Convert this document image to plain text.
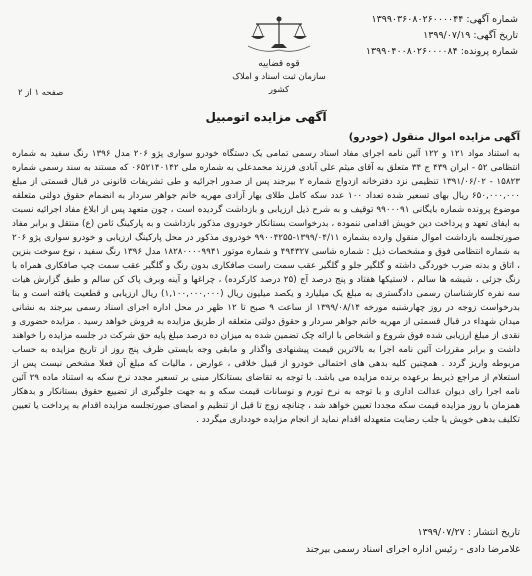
شماره آگهی: ۱۳۹۹۰۳۶۰۸۰۲۶۰۰۰۰۴۴
تاریخ آگهی: ۱۳۹۹/۰۷/۱۹
شماره پرونده: ۱۳۹۹۰۴۰۰۸۰۲۶۰۰۰۰۸۴
قوه قضاییه
سازمان ثبت اسناد و املاک کشور
صفحه ۱ از ۲
آگهی مزایده اتومبیل
آگهی مزایده اموال منقول (خودرو)
به استناد مواد ۱۲۱ و ۱۲۲ آئین نامه اجرای مفاد اسناد رسمی تمامی یک دستگاه خودرو سواری پژو ۲۰۶ مدل ۱۳۹۶ رنگ سفید به شماره انتظامی ۵۲ - ایران ۴۳۹ ج ۳۴ متعلق به آقای میثم علی آبادی فرزند محمدعلی به شماره ملی ۰۶۵۲۱۴۰۱۴۲ که مستند به سند رسمی شماره ۱۵۸۲۳ - ۱۳۹۱/۰۶/۰۲ تنظیمی نزد دفترخانه ازدواج شماره ۲ بیرجند پس از صدور اجرائیه و طی تشریفات قانونی در قبال قسمتی از مبلغ ۶۵۰,۰۰۰,۰۰۰ ریال بهای تسعیر شده تعداد ۱۰۰ عدد سکه کامل طلای بهار آزادی مهریه خانم جواهر سردار به انضمام حقوق دولتی متعلقه موضوع پرونده شماره بایگانی ۹۹۰۰۰۹۱ توقیف و به شرح ذیل ارزیابی و بازداشت گردیده است ، چون متعهد پس از ابلاغ مفاد اجرائیه نسبت به ایفای تعهد و پرداخت دین خویش اقدامی ننموده ، بدرخواست بستانکار خودروی مذکور بازداشت و به پارکینگ ثامن (ع) منتقل و برابر مفاد صورتجلسه بازداشت اموال منقول وارده بشماره ۱۳۹۹/۰۴/۱۱-۹۹۰۰۴۲۵۵ خودروی مذکور در محل پارکینگ ارزیابی و خودرو سواری پژو ۲۰۶ به شماره انتظامی فوق و مشخصات ذیل : شماره شاسی ۴۹۴۳۲۷ و شماره موتور ۱۸۲۸۰۰۰۰۹۹۴۱ مدل ۱۳۹۶ رنگ سفید ، نوع سوخت بنزین ، اتاق و بدنه ضرب خوردگی داشته و گلگیر جلو و گلگیر عقب سمت راست صافکاری بدون رنگ و گلگیر عقب سمت چپ صافکاری همراه با رنگ جزئی ، شیشه ها سالم ، لاستیکها هفتاد و پنج درصد آج (۲۵ درصد کارکرده) ، چراغها و آینه وبرف پاک کن سالم و طبق گزارش هیات سه نفره کارشناسان رسمی دادگستری به مبلغ یک میلیارد و یکصد میلیون ریال (۱,۱۰۰,۰۰۰,۰۰۰) ریال ارزیابی و قطعیت یافته است و بنا بدرخواست زوجه در روز چهارشنبه مورخه ۱۳۹۹/۰۸/۱۴ از ساعت ۹ صبح تا ۱۲ ظهر در محل اداره اجرای اسناد رسمی بیرجند به نشانی میدان شهداء در قبال قسمتی از مهریه خانم جواهر سردار و حقوق دولتی متعلقه از طریق مزایده به فروش خواهد رسید . مزایده حضوری و نقدی از مبلغ ارزیابی شده فوق شروع و اشخاص با ارائه چک تضمین شده به میزان ده درصد مبلغ پایه حق شرکت در جلسه مزایده را خواهند داشت و برابر مقررات آئین نامه اجرا به بالاترین قیمت پیشنهادی واگذار و مابقی وجه بایستی ظرف پنج روز از تاریخ مزایده به حساب مربوطه واریز گردد . همچنین کلیه بدهی های احتمالی خودرو از قبیل خلافی ، عوارض ، مالیات که مبلغ آن فعلا مشخص نیست پس از استعلام از مراجع ذیربط برعهده برنده مزایده می باشد. با توجه به تقاضای بستانکار مبنی بر تسعیر مجدد نرخ سکه به استناد ماده ۲۹ آئین نامه اجرا رای دیوان عدالت اداری و با توجه به نرخ تورم و نوسانات قیمت سکه و به جهت جلوگیری از تضییع حقوق بستانکار و بدهکار همزمان با روز مزایده قیمت سکه مجددا تعیین خواهد شد ، چنانچه زوج تا قبل از تنظیم و امضای صورتجلسه مزایده اقدام به پرداخت یا تعیین تکلیف بدهی خویش یا جلب رضایت متعهدله اقدام نماید از انجام مزایده خودداری میگردد .
تاریخ انتشار : ۱۳۹۹/۰۷/۲۷
غلامرضا دادی - رئیس اداره اجرای اسناد رسمی بیرجند
